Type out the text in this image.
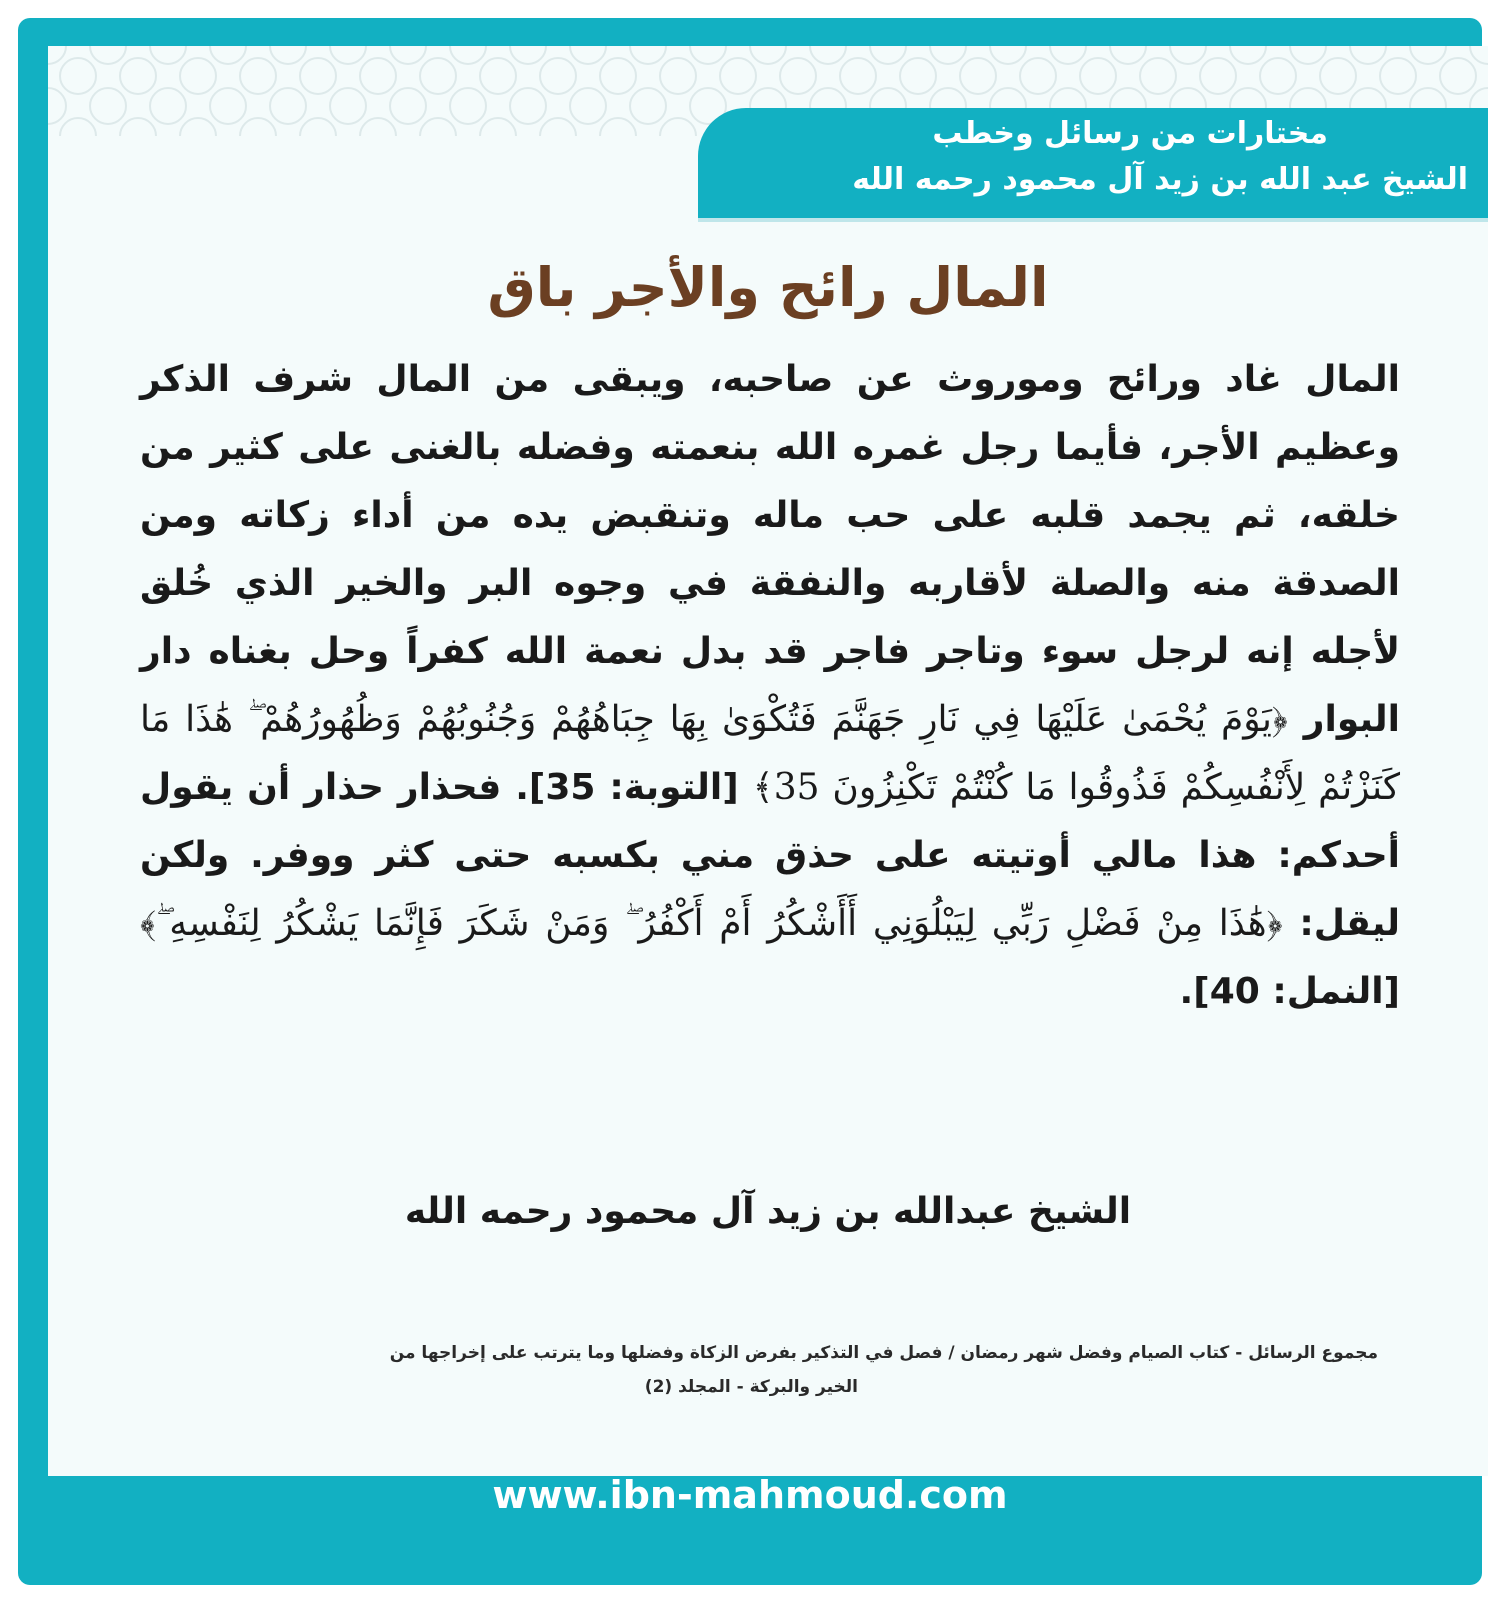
مختارات من رسائل وخطب
الشيخ عبد الله بن زيد آل محمود رحمه الله
المال رائح والأجر باق
المال غاد ورائح وموروث عن صاحبه، ويبقى من المال شرف الذكر وعظيم الأجر، فأيما رجل غمره الله بنعمته وفضله بالغنى على كثير من خلقه، ثم يجمد قلبه على حب ماله وتنقبض يده من أداء زكاته ومن الصدقة منه والصلة لأقاربه والنفقة في وجوه البر والخير الذي خُلق لأجله إنه لرجل سوء وتاجر فاجر قد بدل نعمة الله كفراً وحل بغناه دار البوار ﴿يَوْمَ يُحْمَىٰ عَلَيْهَا فِي نَارِ جَهَنَّمَ فَتُكْوَىٰ بِهَا جِبَاهُهُمْ وَجُنُوبُهُمْ وَظُهُورُهُمْ ۖ هَٰذَا مَا كَنَزْتُمْ لِأَنْفُسِكُمْ فَذُوقُوا مَا كُنْتُمْ تَكْنِزُونَ 35﴾ [التوبة: 35]. فحذار حذار أن يقول أحدكم: هذا مالي أوتيته على حذق مني بكسبه حتى كثر ووفر. ولكن ليقل: ﴿هَٰذَا مِنْ فَضْلِ رَبِّي لِيَبْلُوَنِي أَأَشْكُرُ أَمْ أَكْفُرُ ۖ وَمَنْ شَكَرَ فَإِنَّمَا يَشْكُرُ لِنَفْسِهِ ۖ﴾ [النمل: 40].
الشيخ عبدالله بن زيد آل محمود رحمه الله
مجموع الرسائل - كتاب الصيام وفضل شهر رمضان / فصل في التذكير بفرض الزكاة وفضلها وما يترتب على إخراجها من
الخير والبركة - المجلد (2)
www.ibn-mahmoud.com
